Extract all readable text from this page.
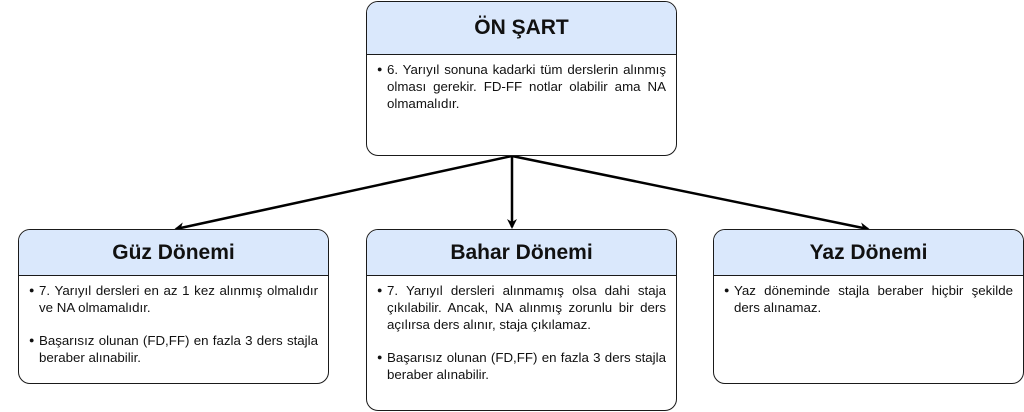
ÖN ŞART
● 6. Yarıyıl sonuna kadarki tüm derslerin alınmış olması gerekir. FD-FF notlar olabilir ama NA olmamalıdır.
Güz Dönemi
● 7. Yarıyıl dersleri en az 1 kez alınmış olmalıdır ve NA olmamalıdır.
● Başarısız olunan (FD,FF) en fazla 3 ders stajla beraber alınabilir.
Bahar Dönemi
● 7. Yarıyıl dersleri alınmamış olsa dahi staja çıkılabilir. Ancak, NA alınmış zorunlu bir ders açılırsa ders alınır, staja çıkılamaz.
● Başarısız olunan (FD,FF) en fazla 3 ders stajla beraber alınabilir.
Yaz Dönemi
● Yaz döneminde stajla beraber hiçbir şekilde ders alınamaz.
